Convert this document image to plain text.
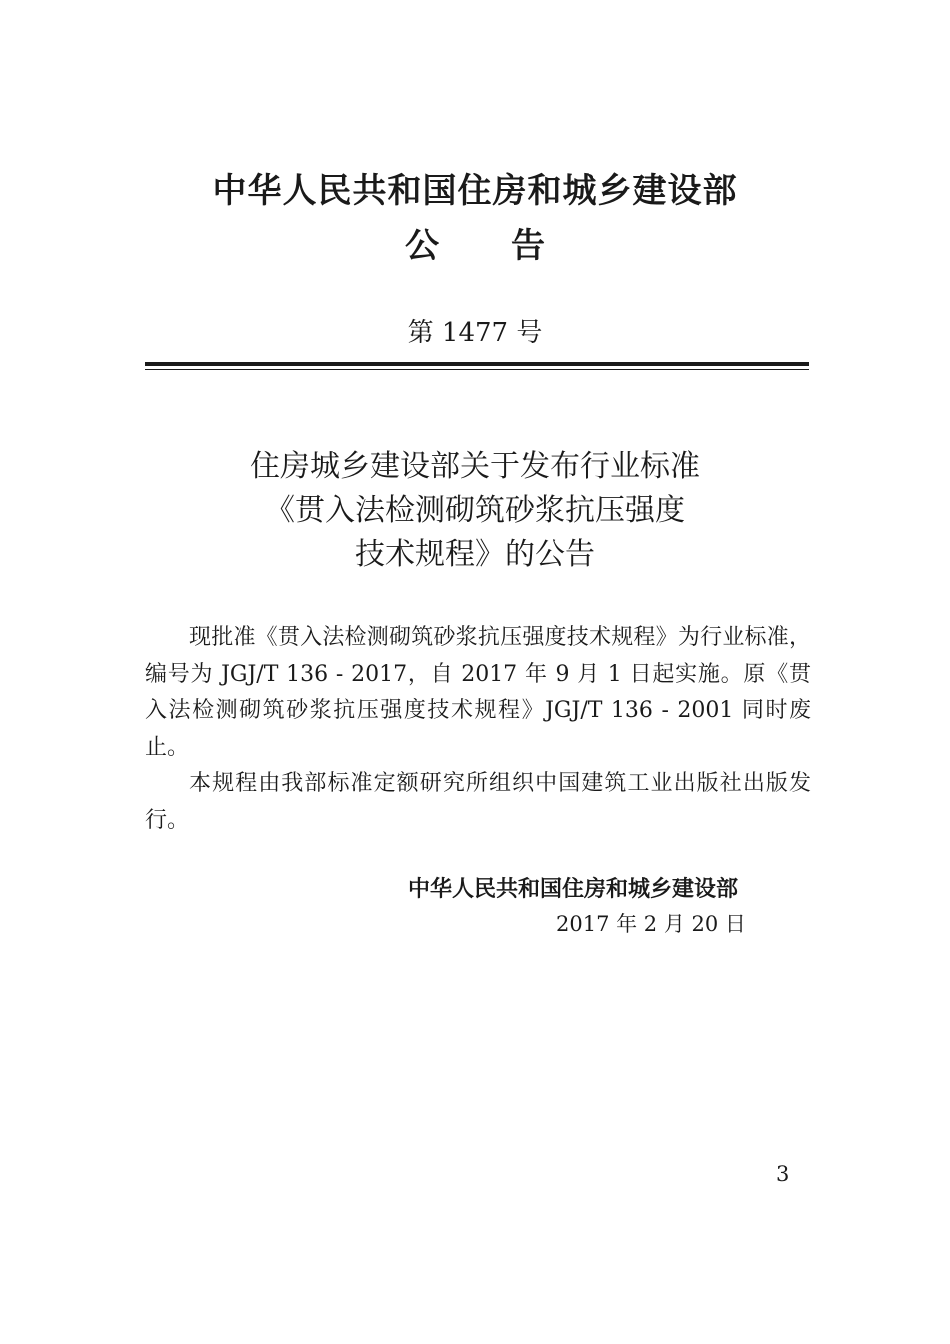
中华人民共和国住房和城乡建设部
公告
第 1477 号
住房城乡建设部关于发布行业标准
《贯入法检测砌筑砂浆抗压强度
技术规程》的公告

现批准《贯入法检测砌筑砂浆抗压强度技术规程》为行业标准，编号为 JGJ/T 136 - 2017，自 2017 年 9 月 1 日起实施。原《贯入法检测砌筑砂浆抗压强度技术规程》JGJ/T 136 - 2001 同时废止。

本规程由我部标准定额研究所组织中国建筑工业出版社出版发行。

中华人民共和国住房和城乡建设部
2017 年 2 月 20 日
3
